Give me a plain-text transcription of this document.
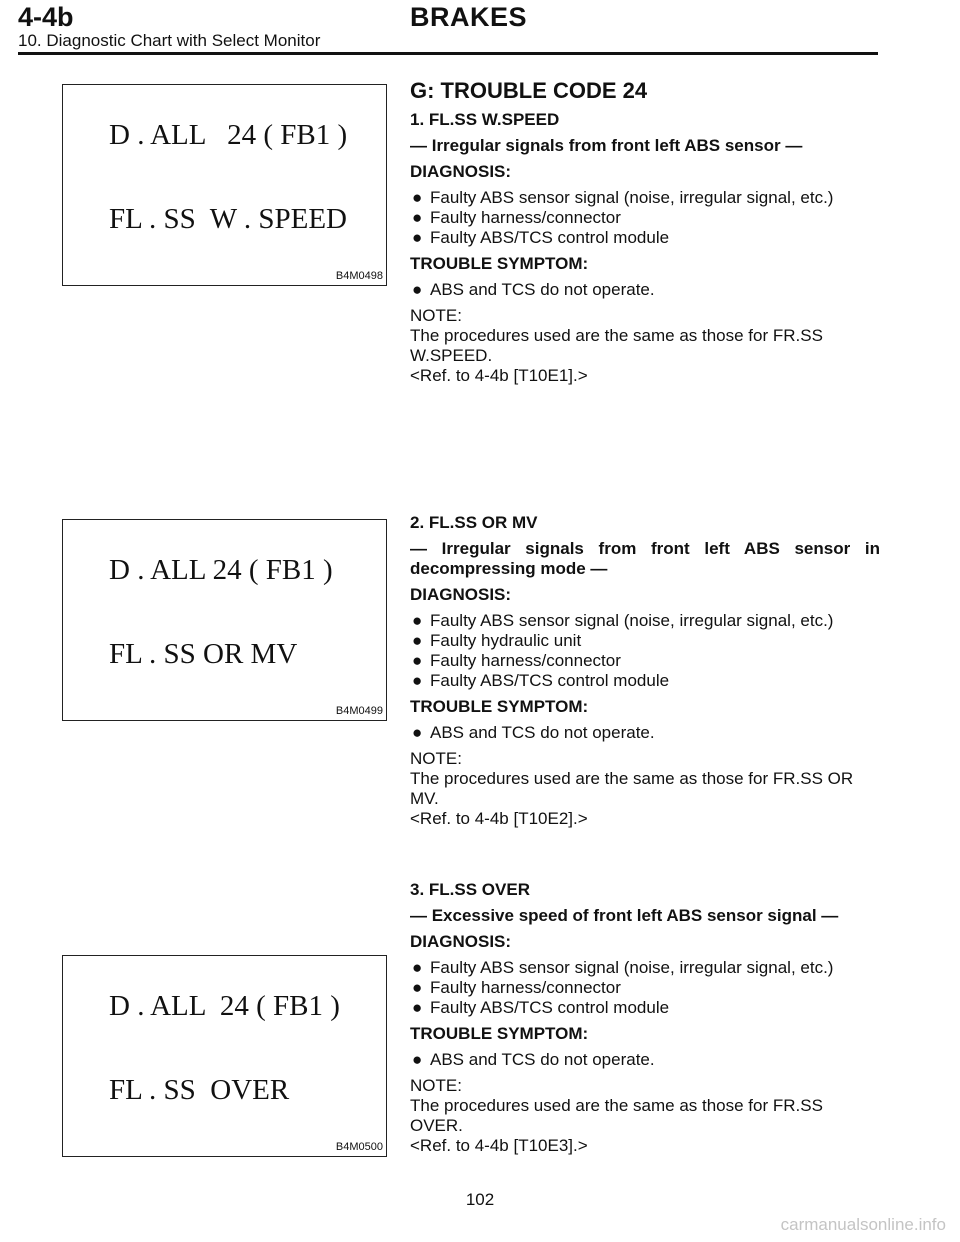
4-4b	BRAKES
10. Diagnostic Chart with Select Monitor
D . ALL   24 ( FB1 )
FL . SS  W . SPEED
B4M0498
G: TROUBLE CODE 24
1. FL.SS W.SPEED
— Irregular signals from front left ABS sensor —
DIAGNOSIS:
● Faulty ABS sensor signal (noise, irregular signal, etc.)
● Faulty harness/connector
● Faulty ABS/TCS control module
TROUBLE SYMPTOM:
● ABS and TCS do not operate.
NOTE:
The procedures used are the same as those for FR.SS
W.SPEED.
<Ref. to 4-4b [T10E1].>
D . ALL 24 ( FB1 )
FL . SS OR MV
B4M0499
2. FL.SS OR MV
— Irregular signals from front left ABS sensor in decompressing mode —
DIAGNOSIS:
● Faulty ABS sensor signal (noise, irregular signal, etc.)
● Faulty hydraulic unit
● Faulty harness/connector
● Faulty ABS/TCS control module
TROUBLE SYMPTOM:
● ABS and TCS do not operate.
NOTE:
The procedures used are the same as those for FR.SS OR
MV.
<Ref. to 4-4b [T10E2].>
D . ALL  24 ( FB1 )
FL . SS  OVER
B4M0500
3. FL.SS OVER
— Excessive speed of front left ABS sensor signal —
DIAGNOSIS:
● Faulty ABS sensor signal (noise, irregular signal, etc.)
● Faulty harness/connector
● Faulty ABS/TCS control module
TROUBLE SYMPTOM:
● ABS and TCS do not operate.
NOTE:
The procedures used are the same as those for FR.SS
OVER.
<Ref. to 4-4b [T10E3].>
102
carmanualsonline.info
